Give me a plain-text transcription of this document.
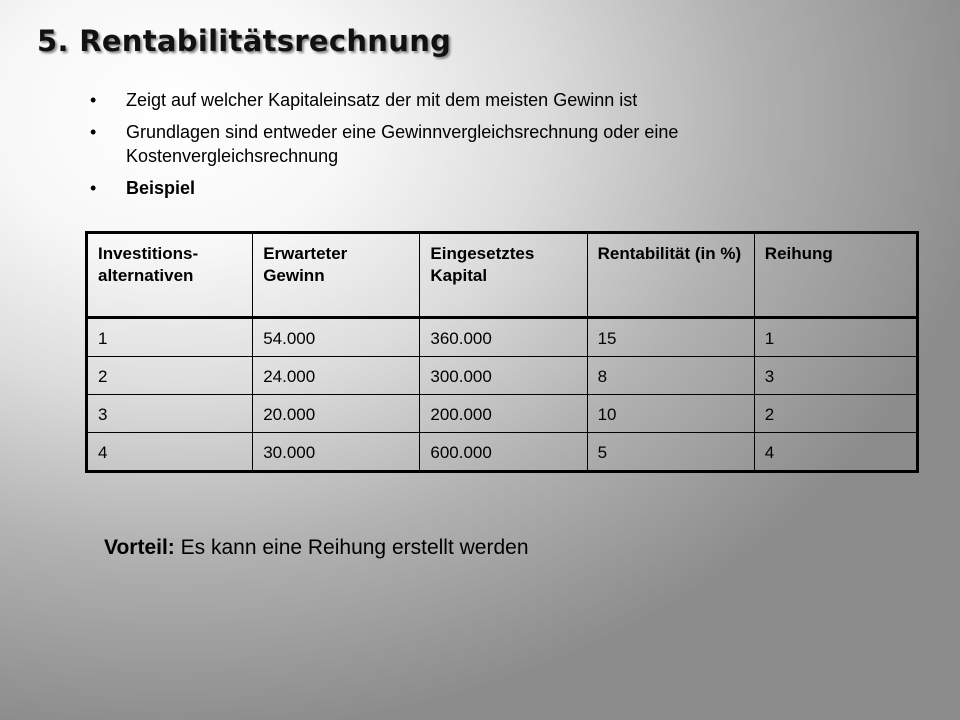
5. Rentabilitätsrechnung
• Zeigt auf welcher Kapitaleinsatz der mit dem meisten Gewinn ist
• Grundlagen sind entweder eine Gewinnvergleichsrechnung oder eine Kostenvergleichsrechnung
• Beispiel
Investitions-alternativen	Erwarteter Gewinn	Eingesetztes Kapital	Rentabilität (in %)	Reihung
1	54.000	360.000	15	1
2	24.000	300.000	8	3
3	20.000	200.000	10	2
4	30.000	600.000	5	4

Vorteil: Es kann eine Reihung erstellt werden
